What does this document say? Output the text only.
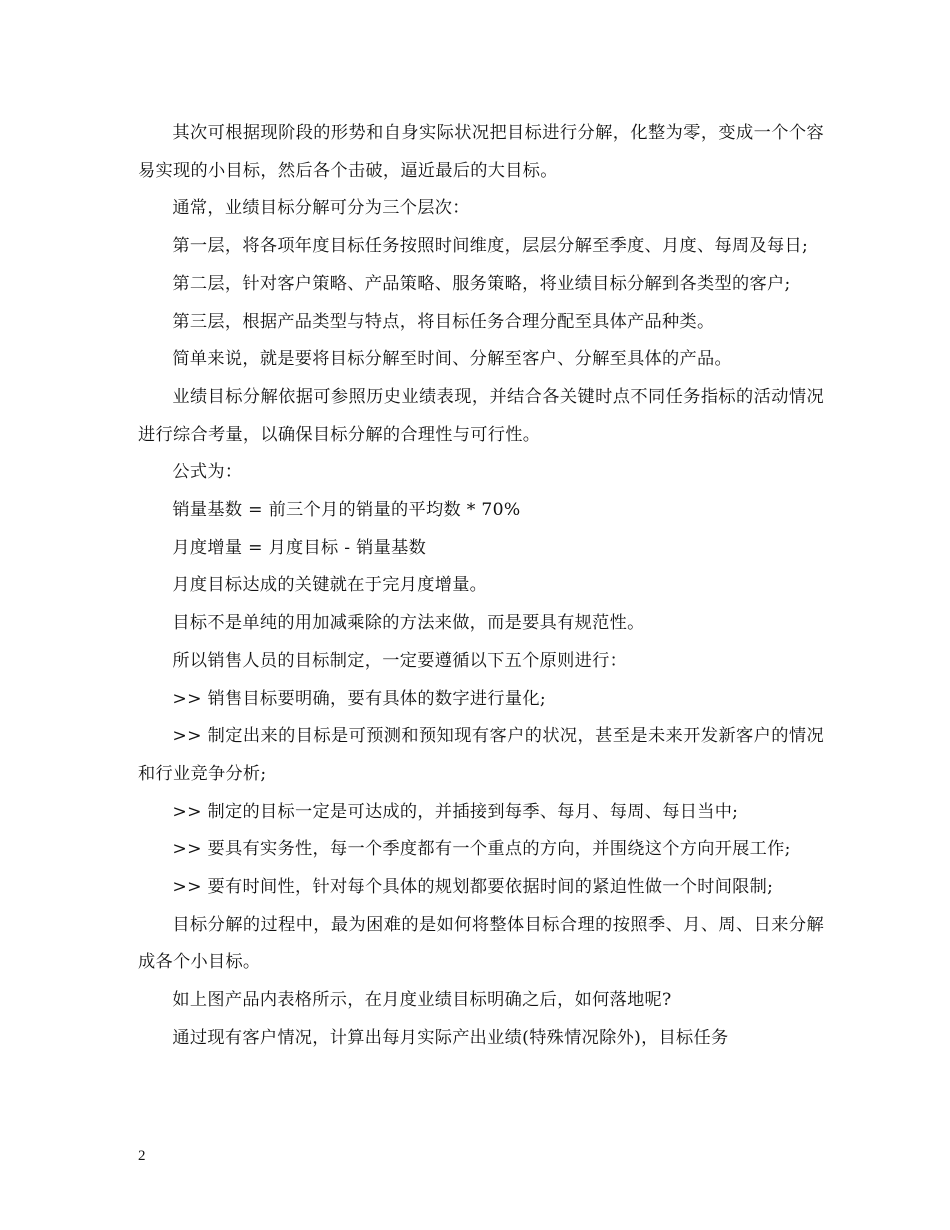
其次可根据现阶段的形势和自身实际状况把目标进行分解，化整为零，变成一个个容易实现的小目标，然后各个击破，逼近最后的大目标。

通常，业绩目标分解可分为三个层次：

第一层，将各项年度目标任务按照时间维度，层层分解至季度、月度、每周及每日;

第二层，针对客户策略、产品策略、服务策略，将业绩目标分解到各类型的客户;

第三层，根据产品类型与特点，将目标任务合理分配至具体产品种类。

简单来说，就是要将目标分解至时间、分解至客户、分解至具体的产品。

业绩目标分解依据可参照历史业绩表现，并结合各关键时点不同任务指标的活动情况进行综合考量，以确保目标分解的合理性与可行性。

公式为：

销量基数 = 前三个月的销量的平均数 * 70%

月度增量 = 月度目标 - 销量基数

月度目标达成的关键就在于完月度增量。

目标不是单纯的用加减乘除的方法来做，而是要具有规范性。

所以销售人员的目标制定，一定要遵循以下五个原则进行：

>> 销售目标要明确，要有具体的数字进行量化;

>> 制定出来的目标是可预测和预知现有客户的状况，甚至是未来开发新客户的情况和行业竞争分析;

>> 制定的目标一定是可达成的，并插接到每季、每月、每周、每日当中;

>> 要具有实务性，每一个季度都有一个重点的方向，并围绕这个方向开展工作;

>> 要有时间性，针对每个具体的规划都要依据时间的紧迫性做一个时间限制;

目标分解的过程中，最为困难的是如何将整体目标合理的按照季、月、周、日来分解成各个小目标。

如上图产品内表格所示，在月度业绩目标明确之后，如何落地呢?

通过现有客户情况，计算出每月实际产出业绩(特殊情况除外)，目标任务

2
